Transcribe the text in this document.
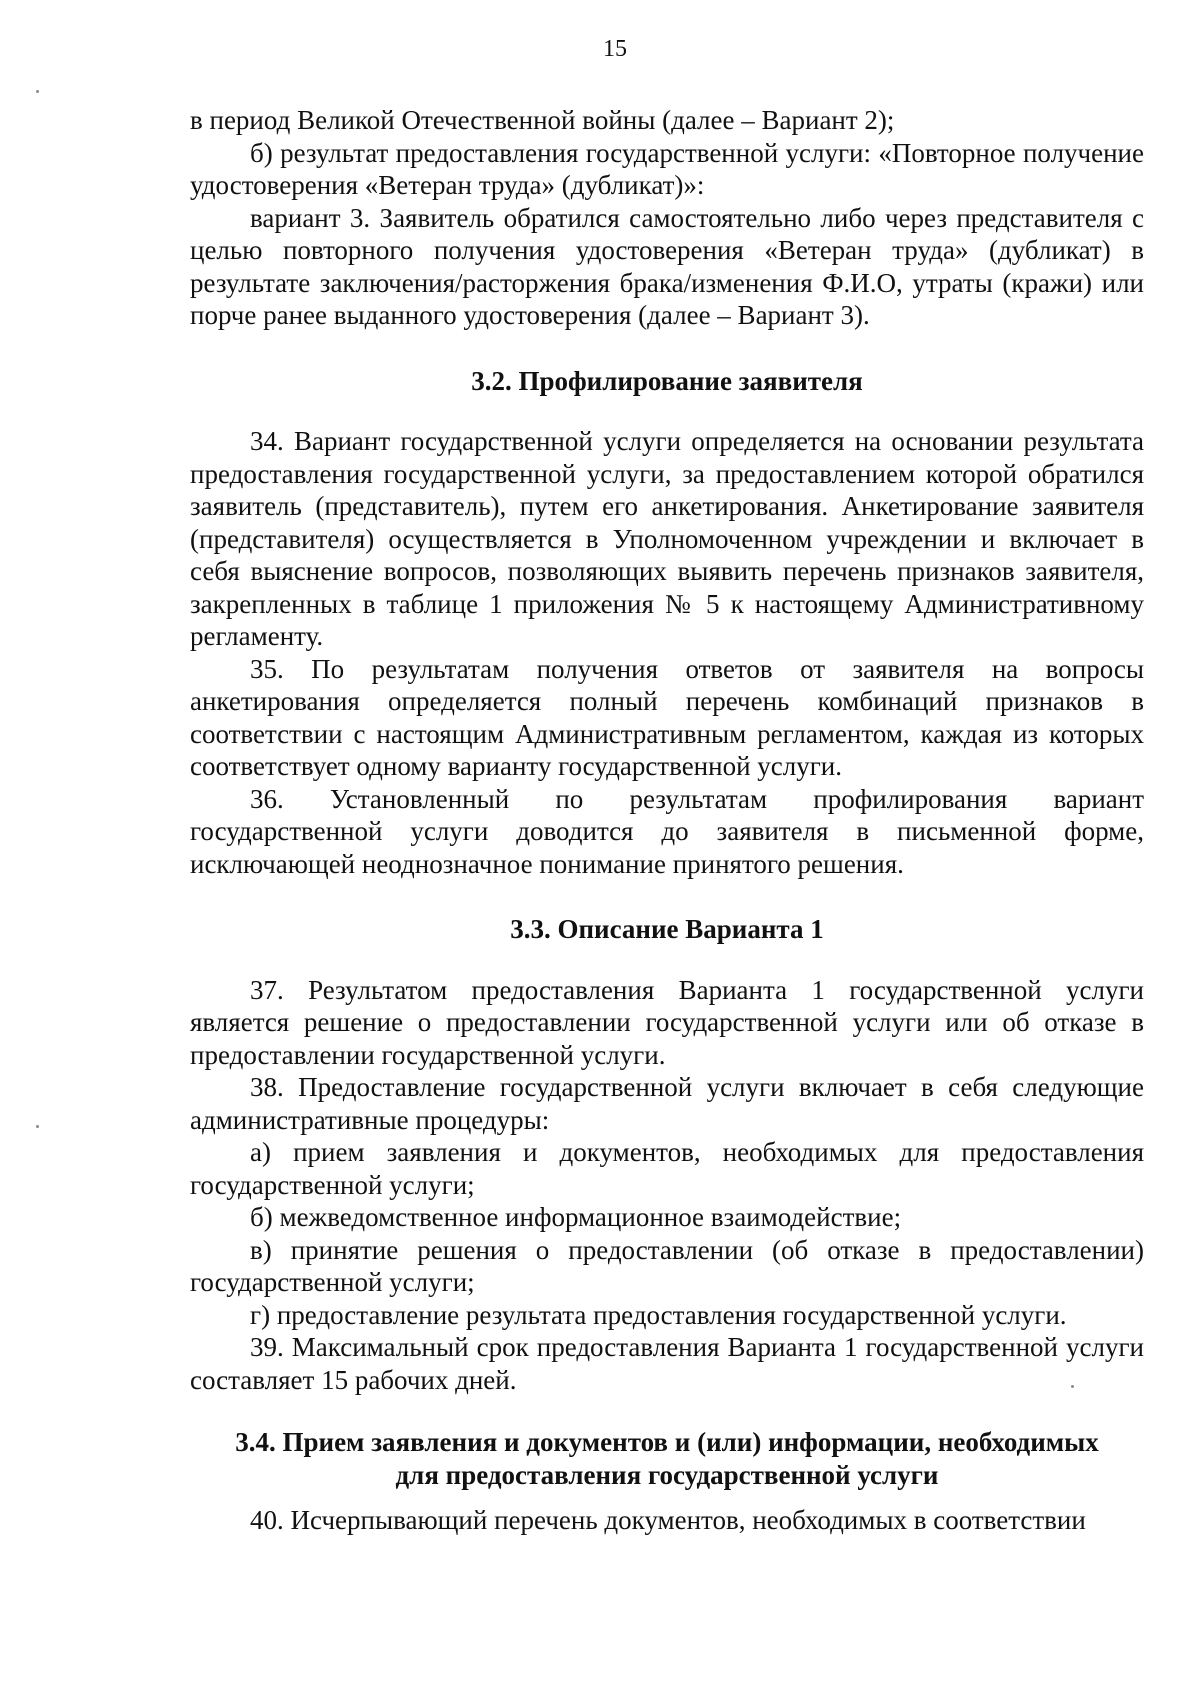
15

в период Великой Отечественной войны (далее – Вариант 2);

б) результат предоставления государственной услуги: «Повторное получение удостоверения «Ветеран труда» (дубликат)»:

вариант 3. Заявитель обратился самостоятельно либо через представителя с целью повторного получения удостоверения «Ветеран труда» (дубликат) в результате заключения/расторжения брака/изменения Ф.И.О, утраты (кражи) или порче ранее выданного удостоверения (далее – Вариант 3).

3.2. Профилирование заявителя

34. Вариант государственной услуги определяется на основании результата предоставления государственной услуги, за предоставлением которой обратился заявитель (представитель), путем его анкетирования. Анкетирование заявителя (представителя) осуществляется в Уполномоченном учреждении и включает в себя выяснение вопросов, позволяющих выявить перечень признаков заявителя, закрепленных в таблице 1 приложения № 5 к настоящему Административному регламенту.

35. По результатам получения ответов от заявителя на вопросы анкетирования определяется полный перечень комбинаций признаков в соответствии с настоящим Административным регламентом, каждая из которых соответствует одному варианту государственной услуги.

36. Установленный по результатам профилирования вариант государственной услуги доводится до заявителя в письменной форме, исключающей неоднозначное понимание принятого решения.

3.3. Описание Варианта 1

37. Результатом предоставления Варианта 1 государственной услуги является решение о предоставлении государственной услуги или об отказе в предоставлении государственной услуги.

38. Предоставление государственной услуги включает в себя следующие административные процедуры:

а) прием заявления и документов, необходимых для предоставления государственной услуги;

б) межведомственное информационное взаимодействие;

в) принятие решения о предоставлении (об отказе в предоставлении) государственной услуги;

г) предоставление результата предоставления государственной услуги.

39. Максимальный срок предоставления Варианта 1 государственной услуги составляет 15 рабочих дней.

3.4. Прием заявления и документов и (или) информации, необходимых
для предоставления государственной услуги

40. Исчерпывающий перечень документов, необходимых в соответствии
